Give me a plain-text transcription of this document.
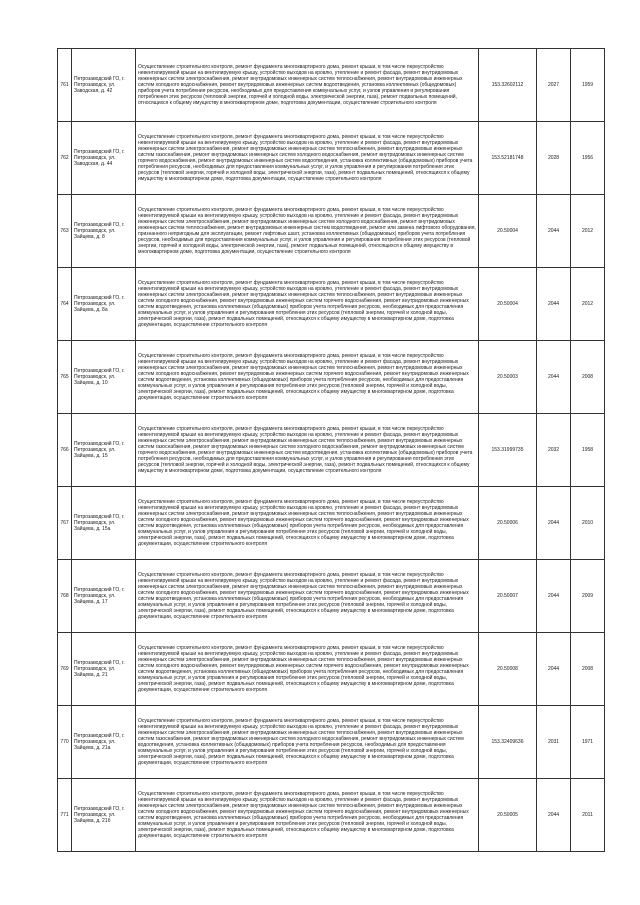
761	Петрозаводский ГО, г. Петрозаводск, ул. Заводская, д. 42	Осуществление строительного контроля, ремонт фундамента многоквартирного дома, ремонт крыши, в том числе переустройство невентилируемой крыши на вентилируемую крышу, устройство выходов на кровлю, утепление и ремонт фасада, ремонт внутридомовых инженерных систем электроснабжения, ремонт внутридомовых инженерных систем теплоснабжения, ремонт внутридомовых инженерных систем холодного водоснабжения, ремонт внутридомовых инженерных систем водоотведения, установка коллективных (общедомовых) приборов учета потребления ресурсов, необходимых для предоставления коммунальных услуг, и узлов управления и регулирования потребления этих ресурсов (тепловой энергии, горячей и холодной воды, электрической энергии, газа), ремонт подвальных помещений, относящихся к общему имуществу в многоквартирном доме, подготовка документации, осуществление строительного контроля	153.32602112	2027	1959
762	Петрозаводский ГО, г. Петрозаводск, ул. Заводская, д. 44	Осуществление строительного контроля, ремонт фундамента многоквартирного дома, ремонт крыши, в том числе переустройство невентилируемой крыши на вентилируемую крышу, устройство выходов на кровлю, утепление и ремонт фасада, ремонт внутридомовых инженерных систем электроснабжения, ремонт внутридомовых инженерных систем теплоснабжения, ремонт внутридомовых инженерных систем газоснабжения, ремонт внутридомовых инженерных систем холодного водоснабжения, ремонт внутридомовых инженерных систем горячего водоснабжения, ремонт внутридомовых инженерных систем водоотведения, установка коллективных (общедомовых) приборов учета потребления ресурсов, необходимых для предоставления коммунальных услуг, и узлов управления и регулирования потребления этих ресурсов (тепловой энергии, горячей и холодной воды, электрической энергии, газа), ремонт подвальных помещений, относящихся к общему имуществу в многоквартирном доме, подготовка документации, осуществление строительного контроля	153.52181748	2028	1956
763	Петрозаводский ГО, г. Петрозаводск, ул. Зайцева, д. 8	Осуществление строительного контроля, ремонт фундамента многоквартирного дома, ремонт крыши, в том числе переустройство невентилируемой крыши на вентилируемую крышу, устройство выходов на кровлю, утепление и ремонт фасада, ремонт внутридомовых инженерных систем электроснабжения, ремонт внутридомовых инженерных систем холодного водоснабжения, ремонт внутридомовых инженерных систем теплоснабжения, ремонт внутридомовых инженерных систем водоотведения, ремонт или замена лифтового оборудования, признанного непригодным для эксплуатации, ремонт лифтовых шахт, установка коллективных (общедомовых) приборов учета потребления ресурсов, необходимых для предоставления коммунальных услуг, и узлов управления и регулирования потребления этих ресурсов (тепловой энергии, горячей и холодной воды, электрической энергии, газа), ремонт подвальных помещений, относящихся к общему имуществу в многоквартирном доме, подготовка документации, осуществление строительного контроля	20.50004	2044	2012
764	Петрозаводский ГО, г. Петрозаводск, ул. Зайцева, д. 8а	Осуществление строительного контроля, ремонт фундамента многоквартирного дома, ремонт крыши, в том числе переустройство невентилируемой крыши на вентилируемую крышу, устройство выходов на кровлю, утепление и ремонт фасада, ремонт внутридомовых инженерных систем электроснабжения, ремонт внутридомовых инженерных систем теплоснабжения, ремонт внутридомовых инженерных систем холодного водоснабжения, ремонт внутридомовых инженерных систем горячего водоснабжения, ремонт внутридомовых инженерных систем водоотведения, установка коллективных (общедомовых) приборов учета потребления ресурсов, необходимых для предоставления коммунальных услуг, и узлов управления и регулирования потребления этих ресурсов (тепловой энергии, горячей и холодной воды, электрической энергии, газа), ремонт подвальных помещений, относящихся к общему имуществу в многоквартирном доме, подготовка документации, осуществление строительного контроля	20.50004	2044	2012
765	Петрозаводский ГО, г. Петрозаводск, ул. Зайцева, д. 10	Осуществление строительного контроля, ремонт фундамента многоквартирного дома, ремонт крыши, в том числе переустройство невентилируемой крыши на вентилируемую крышу, устройство выходов на кровлю, утепление и ремонт фасада, ремонт внутридомовых инженерных систем электроснабжения, ремонт внутридомовых инженерных систем теплоснабжения, ремонт внутридомовых инженерных систем холодного водоснабжения, ремонт внутридомовых инженерных систем горячего водоснабжения, ремонт внутридомовых инженерных систем водоотведения, установка коллективных (общедомовых) приборов учета потребления ресурсов, необходимых для предоставления коммунальных услуг, и узлов управления и регулирования потребления этих ресурсов (тепловой энергии, горячей и холодной воды, электрической энергии, газа), ремонт подвальных помещений, относящихся к общему имуществу в многоквартирном доме, подготовка документации, осуществление строительного контроля	20.50003	2044	2008
766	Петрозаводский ГО, г. Петрозаводск, ул. Зайцева, д. 15	Осуществление строительного контроля, ремонт фундамента многоквартирного дома, ремонт крыши, в том числе переустройство невентилируемой крыши на вентилируемую крышу, устройство выходов на кровлю, утепление и ремонт фасада, ремонт внутридомовых инженерных систем электроснабжения, ремонт внутридомовых инженерных систем теплоснабжения, ремонт внутридомовых инженерных систем газоснабжения, ремонт внутридомовых инженерных систем холодного водоснабжения, ремонт внутридомовых инженерных систем горячего водоснабжения, ремонт внутридомовых инженерных систем водоотведения, установка коллективных (общедомовых) приборов учета потребления ресурсов, необходимых для предоставления коммунальных услуг, и узлов управления и регулирования потребления этих ресурсов (тепловой энергии, горячей и холодной воды, электрической энергии, газа), ремонт подвальных помещений, относящихся к общему имуществу в многоквартирном доме, подготовка документации, осуществление строительного контроля	153.31999735	2032	1958
767	Петрозаводский ГО, г. Петрозаводск, ул. Зайцева, д. 15а	Осуществление строительного контроля, ремонт фундамента многоквартирного дома, ремонт крыши, в том числе переустройство невентилируемой крыши на вентилируемую крышу, устройство выходов на кровлю, утепление и ремонт фасада, ремонт внутридомовых инженерных систем электроснабжения, ремонт внутридомовых инженерных систем теплоснабжения, ремонт внутридомовых инженерных систем холодного водоснабжения, ремонт внутридомовых инженерных систем горячего водоснабжения, ремонт внутридомовых инженерных систем водоотведения, установка коллективных (общедомовых) приборов учета потребления ресурсов, необходимых для предоставления коммунальных услуг, и узлов управления и регулирования потребления этих ресурсов (тепловой энергии, горячей и холодной воды, электрической энергии, газа), ремонт подвальных помещений, относящихся к общему имуществу в многоквартирном доме, подготовка документации, осуществление строительного контроля	20.50006	2044	2010
768	Петрозаводский ГО, г. Петрозаводск, ул. Зайцева, д. 17	Осуществление строительного контроля, ремонт фундамента многоквартирного дома, ремонт крыши, в том числе переустройство невентилируемой крыши на вентилируемую крышу, устройство выходов на кровлю, утепление и ремонт фасада, ремонт внутридомовых инженерных систем электроснабжения, ремонт внутридомовых инженерных систем теплоснабжения, ремонт внутридомовых инженерных систем холодного водоснабжения, ремонт внутридомовых инженерных систем горячего водоснабжения, ремонт внутридомовых инженерных систем водоотведения, установка коллективных (общедомовых) приборов учета потребления ресурсов, необходимых для предоставления коммунальных услуг, и узлов управления и регулирования потребления этих ресурсов (тепловой энергии, горячей и холодной воды, электрической энергии, газа), ремонт подвальных помещений, относящихся к общему имуществу в многоквартирном доме, подготовка документации, осуществление строительного контроля	20.50007	2044	2009
769	Петрозаводский ГО, г. Петрозаводск, ул. Зайцева, д. 21	Осуществление строительного контроля, ремонт фундамента многоквартирного дома, ремонт крыши, в том числе переустройство невентилируемой крыши на вентилируемую крышу, устройство выходов на кровлю, утепление и ремонт фасада, ремонт внутридомовых инженерных систем электроснабжения, ремонт внутридомовых инженерных систем теплоснабжения, ремонт внутридомовых инженерных систем холодного водоснабжения, ремонт внутридомовых инженерных систем горячего водоснабжения, ремонт внутридомовых инженерных систем водоотведения, установка коллективных (общедомовых) приборов учета потребления ресурсов, необходимых для предоставления коммунальных услуг, и узлов управления и регулирования потребления этих ресурсов (тепловой энергии, горячей и холодной воды, электрической энергии, газа), ремонт подвальных помещений, относящихся к общему имуществу в многоквартирном доме, подготовка документации, осуществление строительного контроля	20.50008	2044	2008
770	Петрозаводский ГО, г. Петрозаводск, ул. Зайцева, д. 21а	Осуществление строительного контроля, ремонт фундамента многоквартирного дома, ремонт крыши, в том числе переустройство невентилируемой крыши на вентилируемую крышу, устройство выходов на кровлю, утепление и ремонт фасада, ремонт внутридомовых инженерных систем электроснабжения, ремонт внутридомовых инженерных систем теплоснабжения, ремонт внутридомовых инженерных систем газоснабжения, ремонт внутридомовых инженерных систем холодного водоснабжения, ремонт внутридомовых инженерных систем водоотведения, установка коллективных (общедомовых) приборов учета потребления ресурсов, необходимых для предоставления коммунальных услуг, и узлов управления и регулирования потребления этих ресурсов (тепловой энергии, горячей и холодной воды, электрической энергии, газа), ремонт подвальных помещений, относящихся к общему имуществу в многоквартирном доме, подготовка документации, осуществление строительного контроля	153.32409636	2031	1971
771	Петрозаводский ГО, г. Петрозаводск, ул. Зайцева, д. 21б	Осуществление строительного контроля, ремонт фундамента многоквартирного дома, ремонт крыши, в том числе переустройство невентилируемой крыши на вентилируемую крышу, устройство выходов на кровлю, утепление и ремонт фасада, ремонт внутридомовых инженерных систем электроснабжения, ремонт внутридомовых инженерных систем теплоснабжения, ремонт внутридомовых инженерных систем холодного водоснабжения, ремонт внутридомовых инженерных систем горячего водоснабжения, ремонт внутридомовых инженерных систем водоотведения, установка коллективных (общедомовых) приборов учета потребления ресурсов, необходимых для предоставления коммунальных услуг, и узлов управления и регулирования потребления этих ресурсов (тепловой энергии, горячей и холодной воды, электрической энергии, газа), ремонт подвальных помещений, относящихся к общему имуществу в многоквартирном доме, подготовка документации, осуществление строительного контроля	20.50005	2044	2011
